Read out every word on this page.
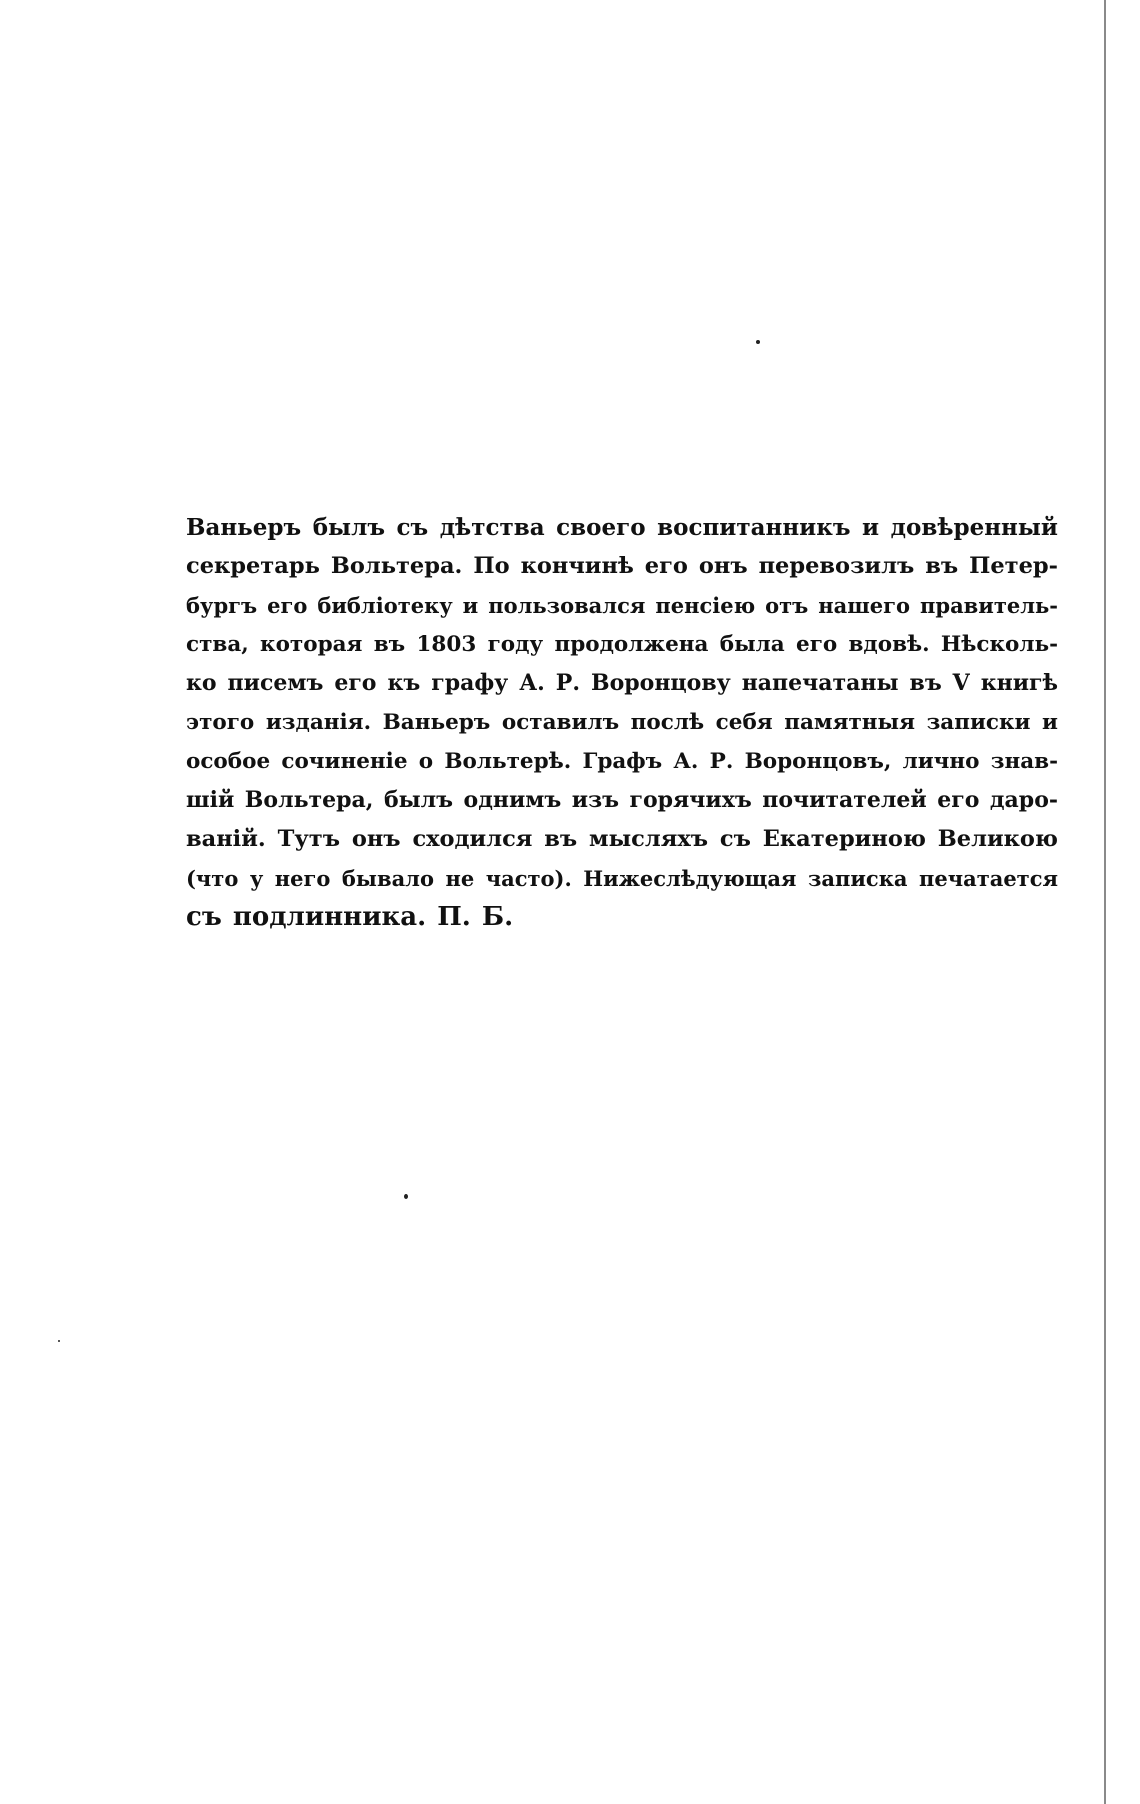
Ваньеръ былъ съ дѣтства своего воспитанникъ и довѣренный
секретарь Вольтера. По кончинѣ его онъ перевозилъ въ Петер-
бургъ его библіотеку и пользовался пенсіею отъ нашего правитель-
ства, которая въ 1803 году продолжена была его вдовѣ. Нѣсколь-
ко писемъ его къ графу А. Р. Воронцову напечатаны въ V книгѣ
этого изданія. Ваньеръ оставилъ послѣ себя памятныя записки и
особое сочиненіе о Вольтерѣ. Графъ А. Р. Воронцовъ, лично знав-
шій Вольтера, былъ однимъ изъ горячихъ почитателей его даро-
ваній. Тутъ онъ сходился въ мысляхъ съ Екатериною Великою
(что у него бывало не часто). Нижеслѣдующая записка печатается
съ подлинника. П. Б.
